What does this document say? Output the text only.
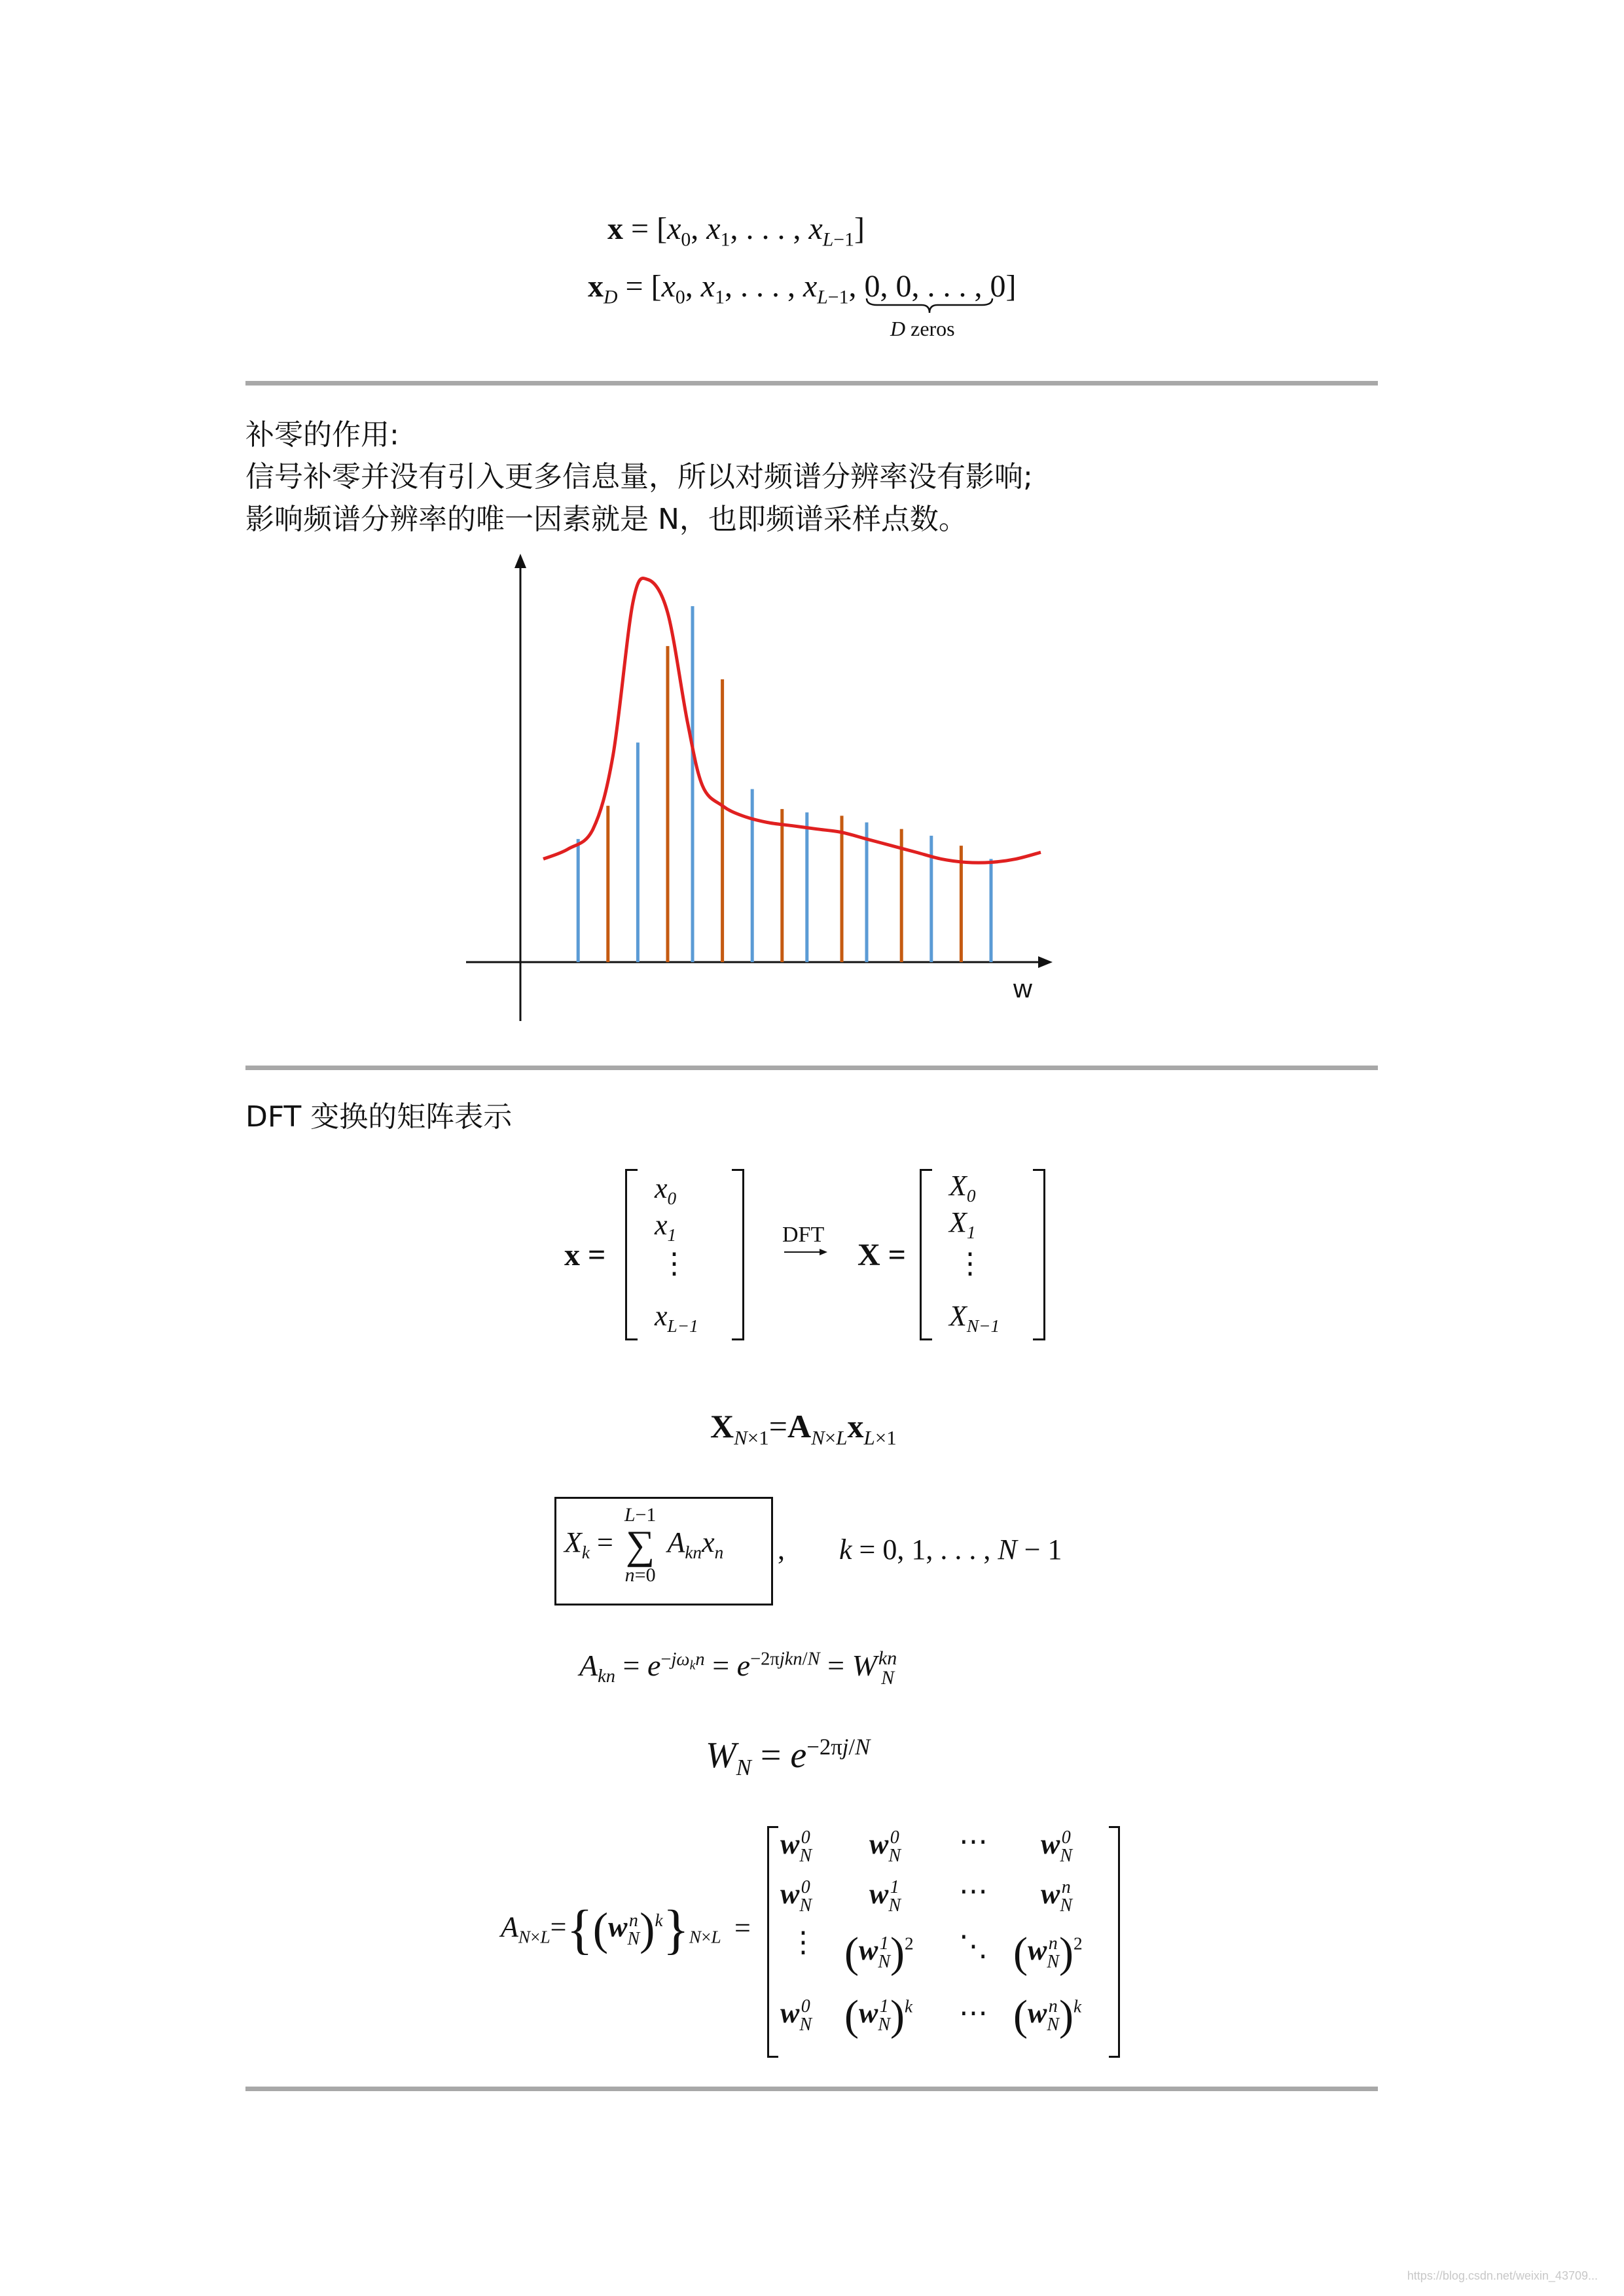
$x = [x_0$, $x_1$, . . . , $x_{L-1}$]
$x_D = [x_0$, $x_1$, . . . , $x_{L-1}$, 0, 0, . . . , 0]
D zeros
补零的作用:
信号补零并没有引入更多信息量，所以对频谱分辨率没有影响;
影响频谱分辨率的唯一因素就是 N，也即频谱采样点数。
w
DFT 变换的矩阵表示
x =
$x_0$
$x_1$
⋮
$x_{L-1}$
DFT
X =
$X_0$
$X_1$
⋮
$X_{N-1}$
$X_{N\times 1}=A_{N\times L}x_{L\times 1}$
$X_k$ =
L−1
∑
n=0
$A_{kn}x_n$ , k = 0, 1, . . . , N − 1
$A_{kn} = e^{-j\omega_kn} = e^{-2\pi jkn/N} = W$ kn
N
$W_N = e^{-2\pi j/N}$
$A_{N\times L}=\{(w$ n
N )$^k\}_{N\times L}$ =
w 0
N w 0
N ⋯ w 0
N
w 0
N w 1
N ⋯ w n
N
⋮ (w 1
N )$^2$ ⋱ (w n
N )$^2$
w 0
N (w 1
N )$^k$ ⋯ (w n
N )$^k$
https://blog.csdn.net/weixin_43709...
